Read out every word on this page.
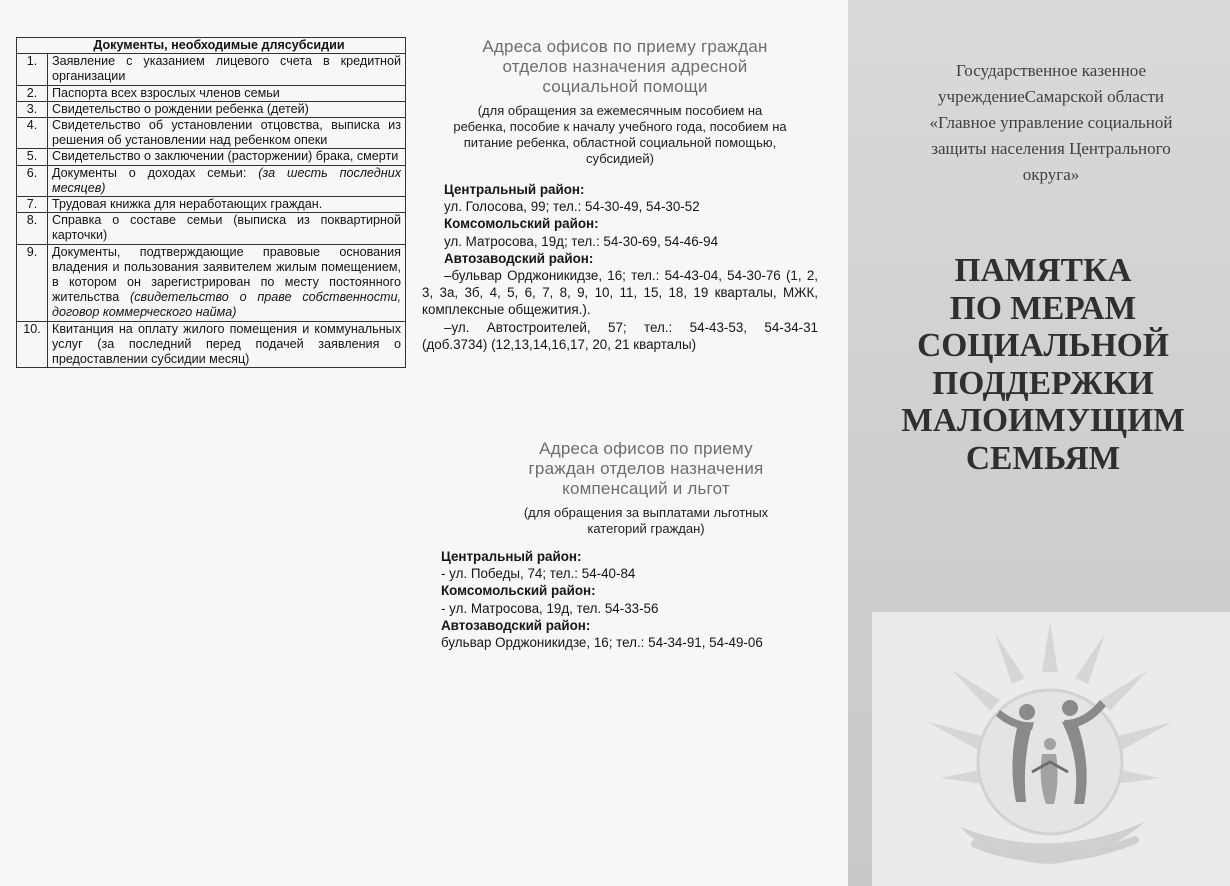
Документы, необходимые длясубсидии	
1.	Заявление с указанием лицевого счета в кредитной организации
2.	Паспорта всех взрослых членов семьи
3.	Свидетельство о рождении ребенка (детей)
4.	Свидетельство об установлении отцовства, выписка из решения об установлении над ребенком опеки
5.	Свидетельство о заключении (расторжении) брака, смерти
6.	Документы о доходах семьи: (за шесть последних месяцев)
7.	Трудовая книжка для неработающих граждан.
8.	Справка о составе семьи (выписка из поквартирной карточки)
9.	Документы, подтверждающие правовые основания владения и пользования заявителем жилым помещением, в котором он зарегистрирован по месту постоянного жительства (свидетельство о праве собственности, договор коммерческого найма)
10.	Квитанция на оплату жилого помещения и коммунальных услуг (за последний перед подачей заявления о предоставлении субсидии месяц)
Адреса офисов по приему граждан
отделов назначения адресной
социальной помощи
(для обращения за ежемесячным пособием на
ребенка, пособие к началу учебного года, пособием на
питание ребенка, областной социальной помощью,
субсидией)
Центральный район:
ул. Голосова, 99; тел.: 54-30-49, 54-30-52
Комсомольский район:
ул. Матросова, 19д; тел.: 54-30-69, 54-46-94
Автозаводский район:
–бульвар Орджоникидзе, 16; тел.: 54-43-04, 54-30-76 (1, 2, 3, 3а, 3б, 4, 5, 6, 7, 8, 9, 10, 11, 15, 18, 19 кварталы, МЖК, комплексные общежития.).
–ул. Автостроителей, 57; тел.: 54-43-53, 54-34-31 (доб.3734) (12,13,14,16,17, 20, 21 кварталы)
Адреса офисов по приему
граждан отделов назначения
компенсаций и льгот
(для обращения за выплатами льготных
категорий граждан)
Центральный район:
- ул. Победы, 74; тел.: 54-40-84
Комсомольский район:
- ул. Матросова, 19д, тел. 54-33-56
Автозаводский район:
бульвар Орджоникидзе, 16; тел.: 54-34-91, 54-49-06
Государственное казенное
учреждениеСамарской области
«Главное управление социальной
защиты населения Центрального
округа»
ПАМЯТКА
ПО МЕРАМ
СОЦИАЛЬНОЙ
ПОДДЕРЖКИ
МАЛОИМУЩИМ
СЕМЬЯМ
